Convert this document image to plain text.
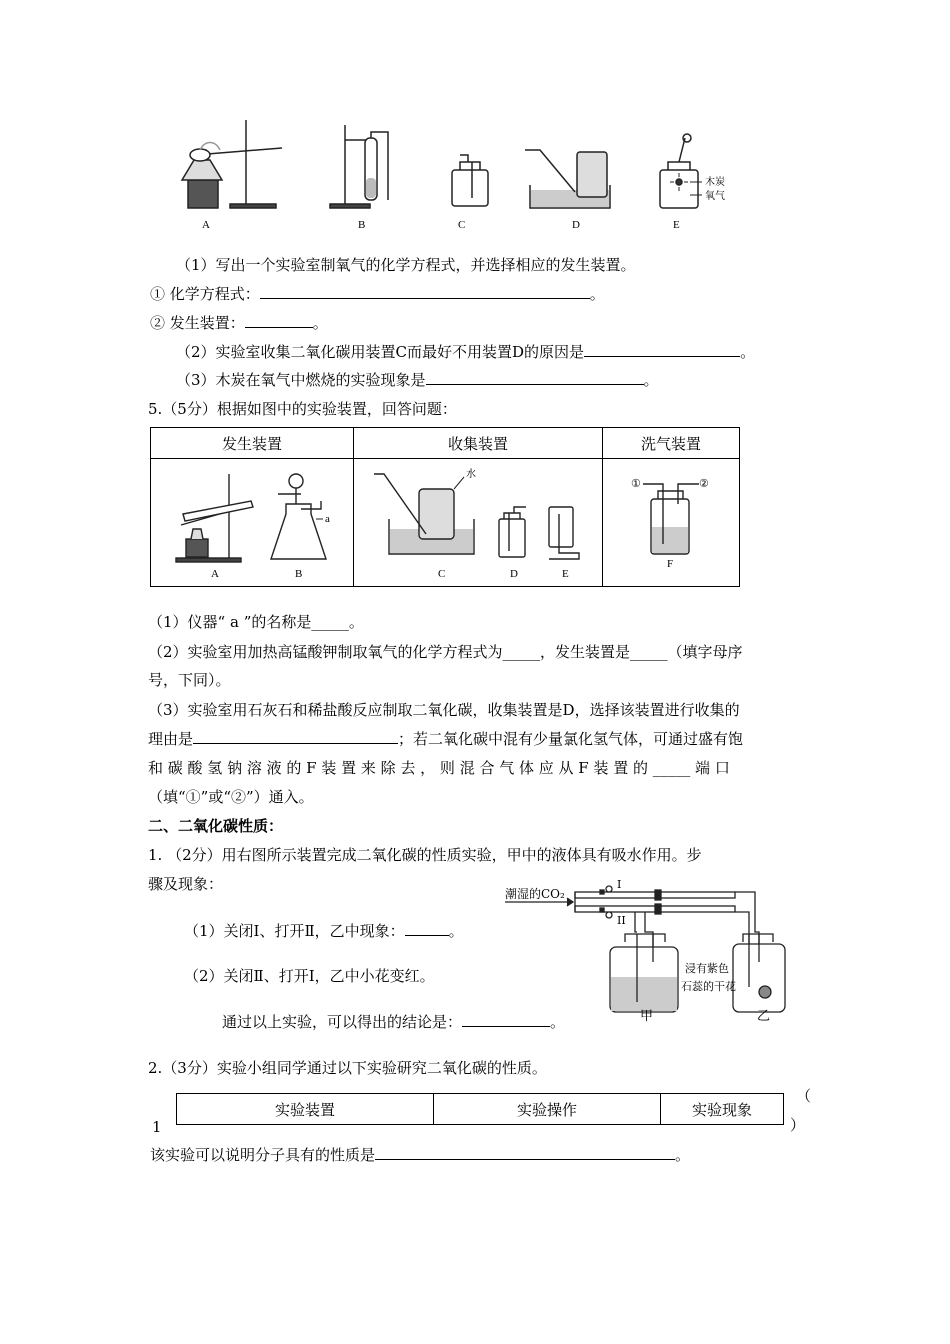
A	B	C	D	E
木炭
氧气
（1）写出一个实验室制氧气的化学方程式，并选择相应的发生装置。
① 化学方程式：	。
② 发生装置：	。
（2）实验室收集二氧化碳用装置C而最好不用装置D的原因是	。
（3）木炭在氧气中燃烧的实验现象是	。
5.（5分）根据如图中的实验装置，回答问题：
发生装置	收集装置	洗气装置

A B
a	C D E
水	F
① ②
（1）仪器“ a ”的名称是_____。
（2）实验室用加热高锰酸钾制取氧气的化学方程式为_____，发生装置是_____（填字母序
号，下同）。
（3）实验室用石灰石和稀盐酸反应制取二氧化碳，收集装置是D，选择该装置进行收集的
理由是	；若二氧化碳中混有少量氯化氢气体，可通过盛有饱
和 碳 酸 氢 钠 溶 液 的 F 装 置 来 除 去 ， 则 混 合 气 体 应 从 F 装 置 的 _____ 端 口
（填“①”或“②”）通入。
二、二氧化碳性质：
1. （2分）用右图所示装置完成二氧化碳的性质实验，甲中的液体具有吸水作用。步
骤及现象：
（1）关闭Ⅰ、打开Ⅱ，乙中现象：	。
（2）关闭Ⅱ、打开Ⅰ，乙中小花变红。
通过以上实验，可以得出的结论是：	。
潮湿的CO₂
I
II
甲	乙
浸有紫色
石蕊的干花
2.（3分）实验小组同学通过以下实验研究二氧化碳的性质。
实验装置	实验操作	实验现象
1
（
）
该实验可以说明分子具有的性质是	。
